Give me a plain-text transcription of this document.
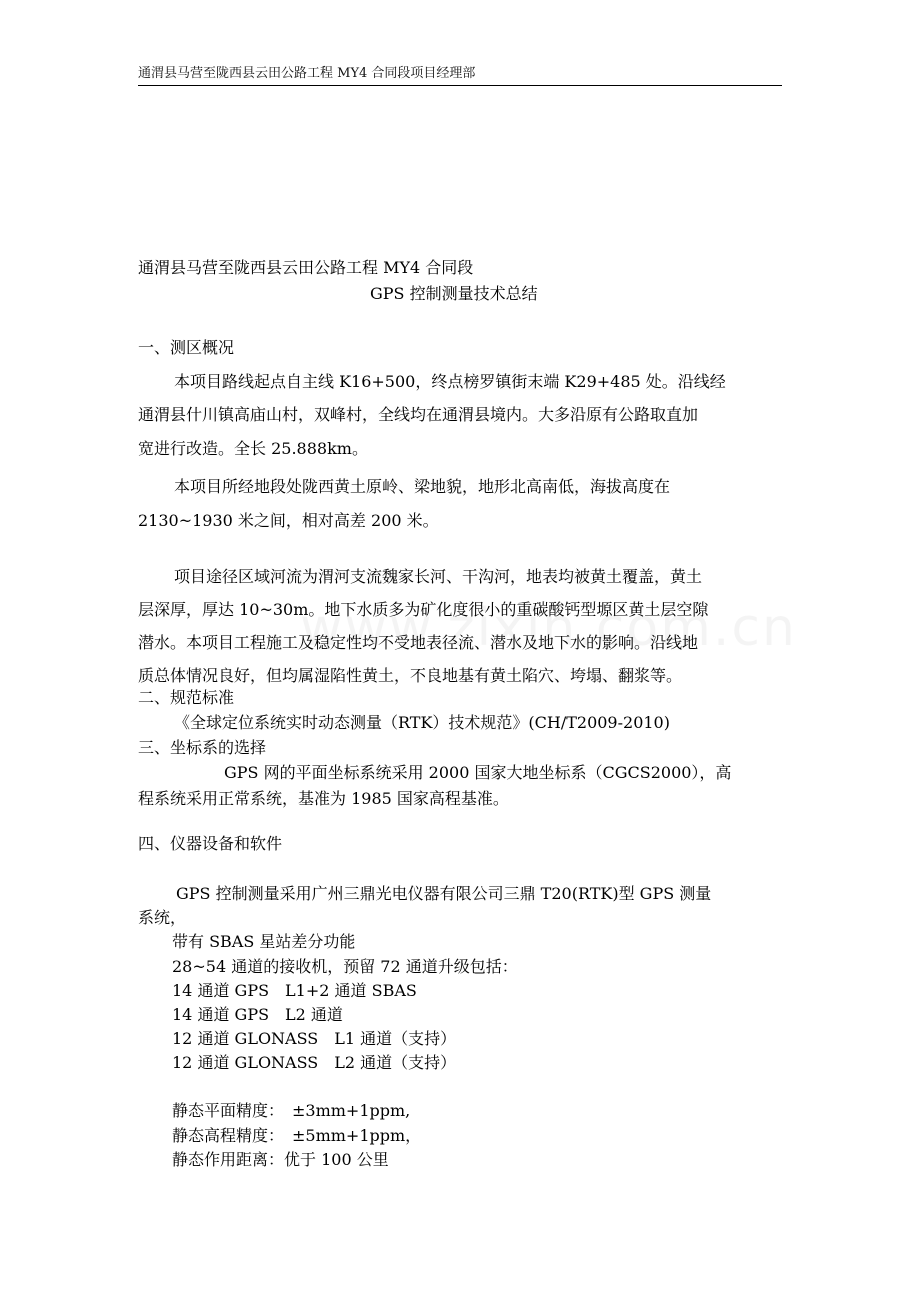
通渭县马营至陇西县云田公路工程 MY4 合同段项目经理部
通渭县马营至陇西县云田公路工程 MY4 合同段
GPS 控制测量技术总结
一、测区概况
本项目路线起点自主线 K16+500，终点榜罗镇街末端 K29+485 处。沿线经
通渭县什川镇高庙山村，双峰村，全线均在通渭县境内。大多沿原有公路取直加
宽进行改造。全长 25.888km。
本项目所经地段处陇西黄土原岭、梁地貌，地形北高南低，海拔高度在
2130~1930 米之间，相对高差 200 米。
项目途径区域河流为渭河支流魏家长河、干沟河，地表均被黄土覆盖，黄土
层深厚，厚达 10~30m。地下水质多为矿化度很小的重碳酸钙型塬区黄土层空隙
潜水。本项目工程施工及稳定性均不受地表径流、潜水及地下水的影响。沿线地
质总体情况良好，但均属湿陷性黄土，不良地基有黄土陷穴、垮塌、翻浆等。
二、规范标准
《全球定位系统实时动态测量（RTK）技术规范》(CH/T2009-2010)
三、坐标系的选择
GPS 网的平面坐标系统采用 2000 国家大地坐标系（CGCS2000），高
程系统采用正常系统，基准为 1985 国家高程基准。
四、仪器设备和软件
GPS 控制测量采用广州三鼎光电仪器有限公司三鼎 T20(RTK)型 GPS 测量
系统，
带有 SBAS 星站差分功能
28~54 通道的接收机，预留 72 通道升级包括：
14 通道 GPS　L1+2 通道 SBAS
14 通道 GPS　L2 通道
12 通道 GLONASS　L1 通道（支持）
12 通道 GLONASS　L2 通道（支持）
静态平面精度：　±3mm+1ppm,
静态高程精度：　±5mm+1ppm，
静态作用距离：优于 100 公里
